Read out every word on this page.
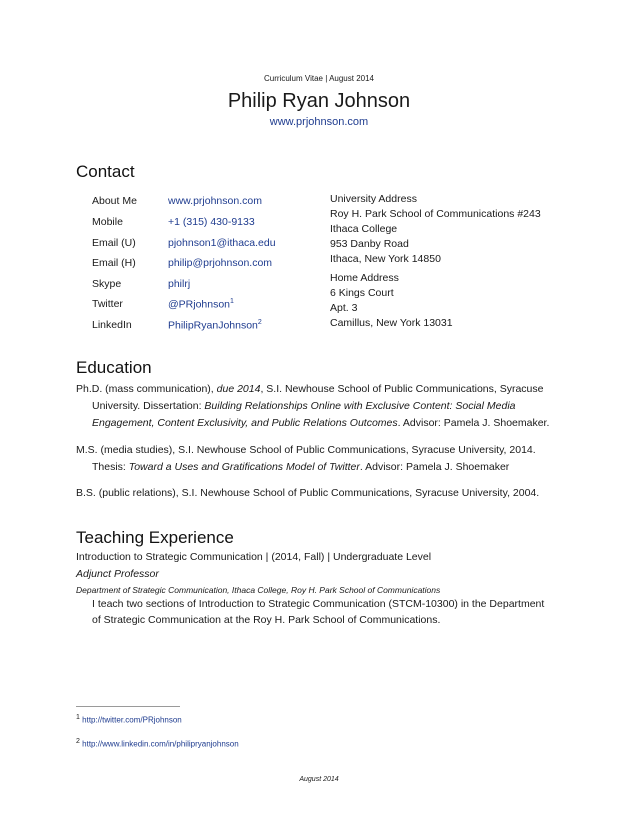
Curriculum Vitae | August 2014
Philip Ryan Johnson
www.prjohnson.com
Contact
About Me	www.prjohnson.com
Mobile	+1 (315) 430-9133
Email (U)	pjohnson1@ithaca.edu
Email (H)	philip@prjohnson.com
Skype	philrj
Twitter	@PRjohnson$^1$
LinkedIn	PhilipRyanJohnson$^2$
University Address
Roy H. Park School of Communications #243
Ithaca College
953 Danby Road
Ithaca, New York 14850
Home Address
6 Kings Court
Apt. 3
Camillus, New York 13031
Education
Ph.D. (mass communication), due 2014, S.I. Newhouse School of Public Communications, Syracuse
University. Dissertation: Building Relationships Online with Exclusive Content: Social Media
Engagement, Content Exclusivity, and Public Relations Outcomes. Advisor: Pamela J. Shoemaker.
M.S. (media studies), S.I. Newhouse School of Public Communications, Syracuse University, 2014.
Thesis: Toward a Uses and Gratifications Model of Twitter. Advisor: Pamela J. Shoemaker
B.S. (public relations), S.I. Newhouse School of Public Communications, Syracuse University, 2004.
Teaching Experience
Introduction to Strategic Communication | (2014, Fall) | Undergraduate Level
Adjunct Professor
Department of Strategic Communication, Ithaca College, Roy H. Park School of Communications
I teach two sections of Introduction to Strategic Communication (STCM-10300) in the Department
of Strategic Communication at the Roy H. Park School of Communications.
$^1$ http://twitter.com/PRjohnson
$^2$ http://www.linkedin.com/in/philipryanjohnson
August 2014
